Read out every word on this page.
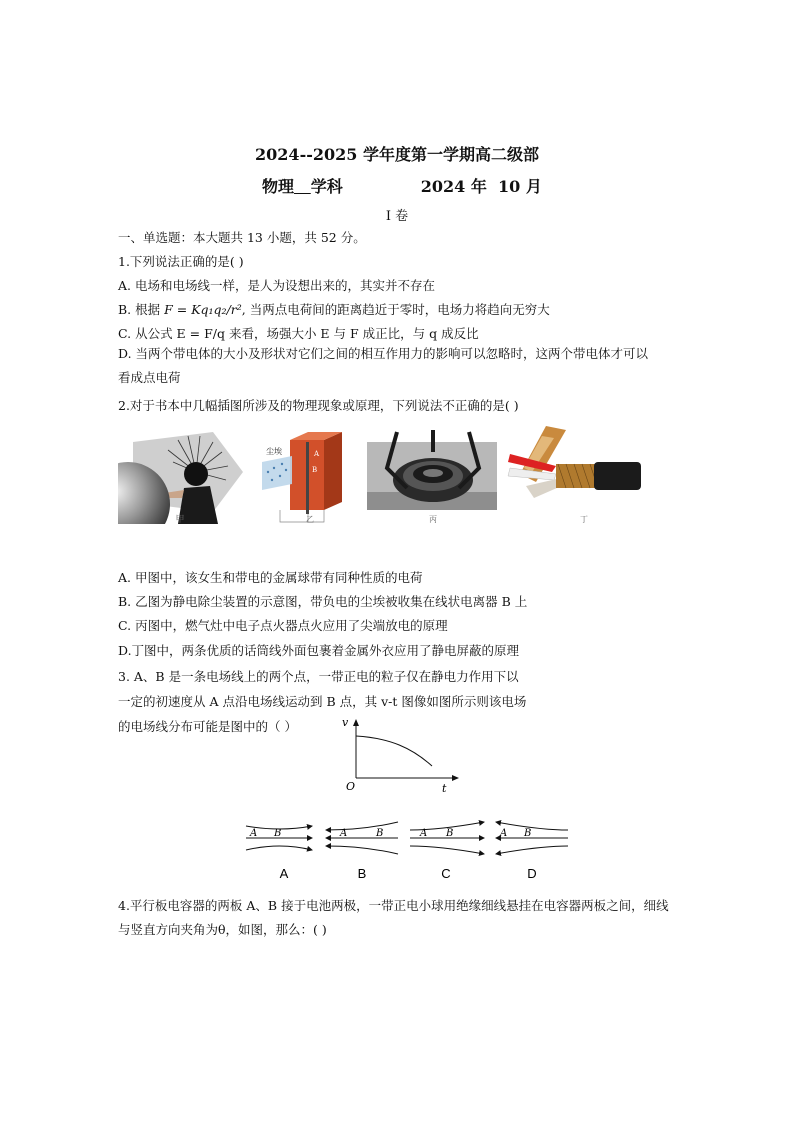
2024--2025 学年度第一学期高二级部
物理 学科	2024 年  10 月
I 卷
一、单选题：本大题共 13 小题，共 52 分。
1.下列说法正确的是( )
A. 电场和电场线一样，是人为设想出来的，其实并不存在
B. 根据 F = Kq₁q₂/r², 当两点电荷间的距离趋近于零时，电场力将趋向无穷大
C. 从公式 E = F/q 来看，场强大小 E 与 F 成正比，与 q 成反比
D. 当两个带电体的大小及形状对它们之间的相互作用力的影响可以忽略时，这两个带电体才可以看成点电荷
2.对于书本中几幅插图所涉及的物理现象或原理，下列说法不正确的是( )
甲
尘埃	A
B
乙	丙	丁
A. 甲图中，该女生和带电的金属球带有同种性质的电荷
B. 乙图为静电除尘装置的示意图，带负电的尘埃被收集在线状电离器 B 上
C. 丙图中，燃气灶中电子点火器点火应用了尖端放电的原理
D.丁图中，两条优质的话筒线外面包裹着金属外衣应用了静电屏蔽的原理
3. A、B 是一条电场线上的两个点，一带正电的粒子仅在静电力作用下以
一定的初速度从 A 点沿电场线运动到 B 点，其 v-t 图像如图所示则该电场
的电场线分布可能是图中的（ ）	v
t
O
A B	A	B	A B	A B
A	B	C	D
4.平行板电容器的两板 A、B 接于电池两极，一带正电小球用绝缘细线悬挂在电容器两板之间，细线与竖直方向夹角为θ，如图，那么：( )
